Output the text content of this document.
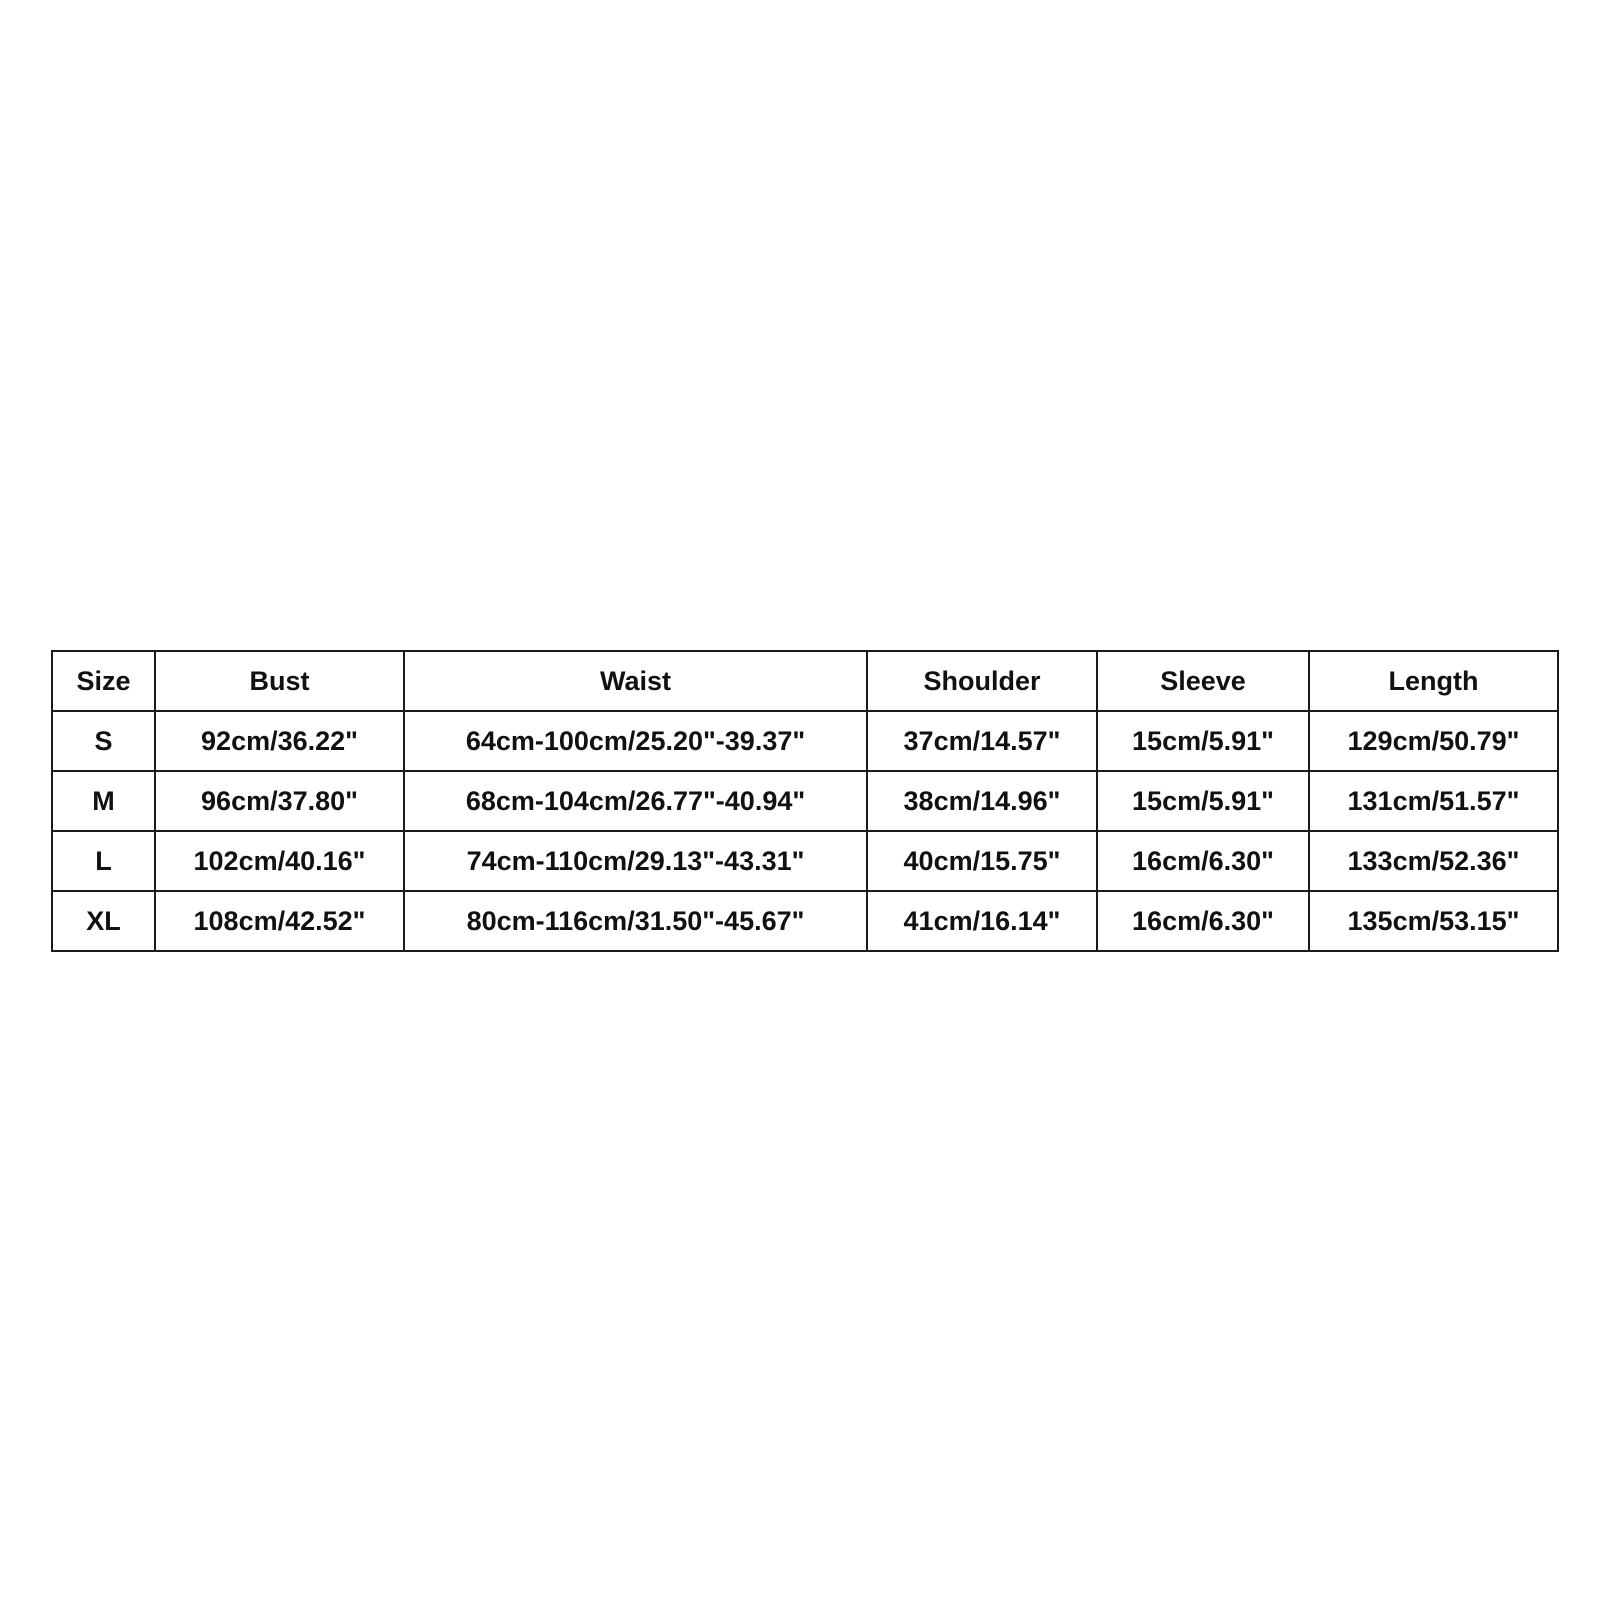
Size	Bust	Waist	Shoulder	Sleeve	Length
S	92cm/36.22"	64cm-100cm/25.20"-39.37"	37cm/14.57"	15cm/5.91"	129cm/50.79"
M	96cm/37.80"	68cm-104cm/26.77"-40.94"	38cm/14.96"	15cm/5.91"	131cm/51.57"
L	102cm/40.16"	74cm-110cm/29.13"-43.31"	40cm/15.75"	16cm/6.30"	133cm/52.36"
XL	108cm/42.52"	80cm-116cm/31.50"-45.67"	41cm/16.14"	16cm/6.30"	135cm/53.15"
